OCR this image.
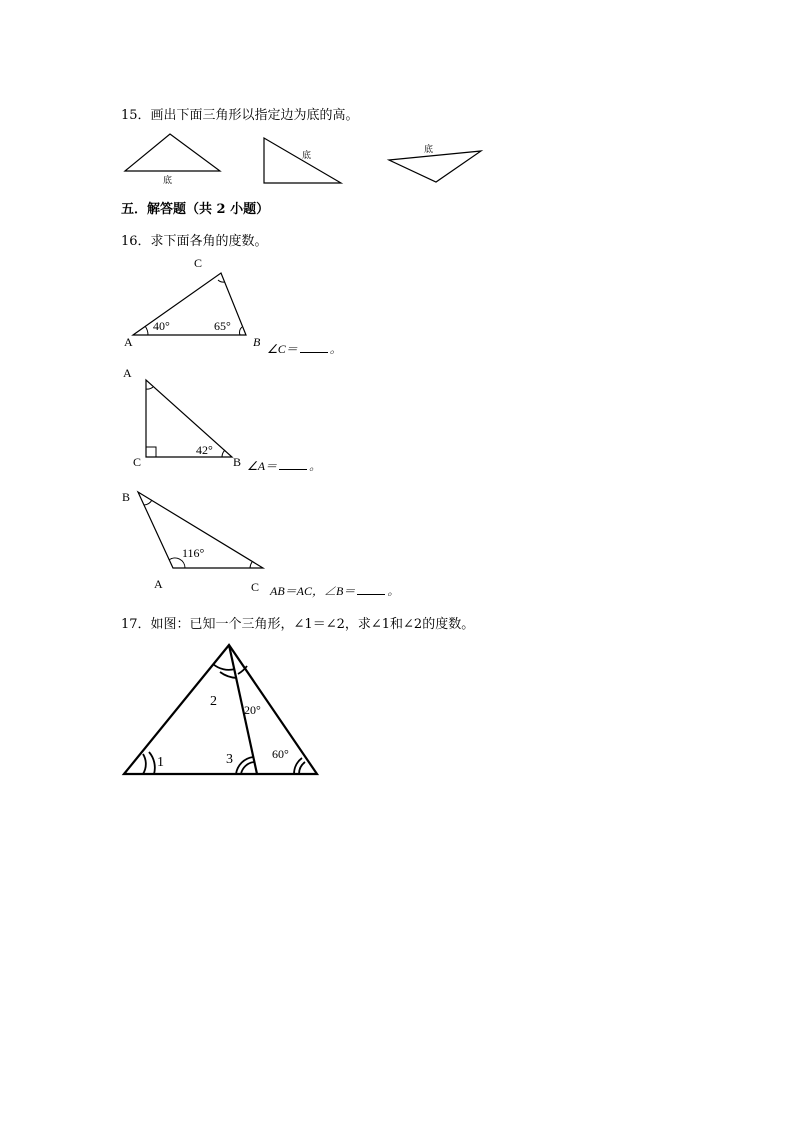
15．画出下面三角形以指定边为底的高。
底
底
底
五．解答题（共 2 小题）
16．求下面各角的度数。
A
C
B
40°	65°
A
C	B
42°
B
A	C
116°
∠C＝	。
∠A＝	。
AB＝AC，∠B＝	。
17．如图：已知一个三角形，∠1＝∠2，求∠1和∠2的度数。
1
2
3
20°
60°
